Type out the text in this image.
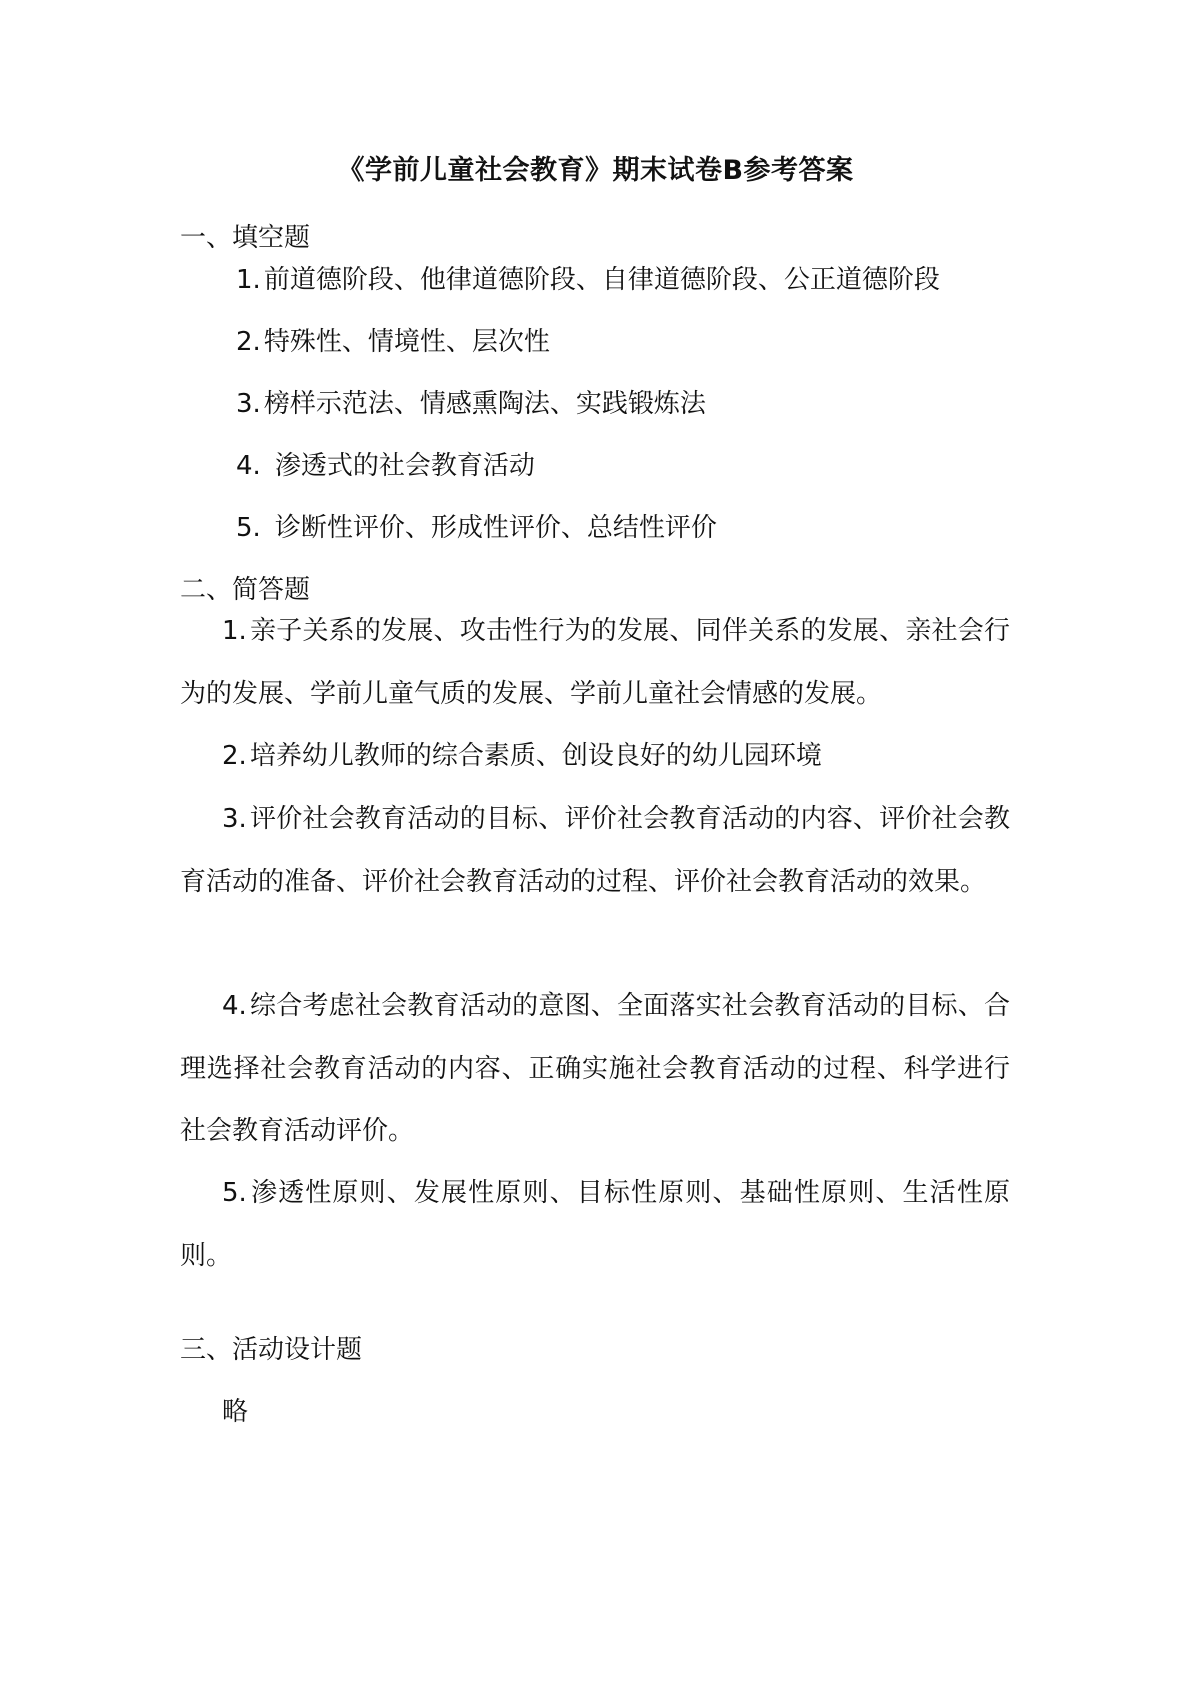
《学前儿童社会教育》期末试卷B参考答案
一、填空题
1. 前道德阶段、他律道德阶段、自律道德阶段、公正道德阶段
2. 特殊性、情境性、层次性
3. 榜样示范法、情感熏陶法、实践锻炼法
4. 渗透式的社会教育活动
5. 诊断性评价、形成性评价、总结性评价
二、简答题
1. 亲子关系的发展、攻击性行为的发展、同伴关系的发展、亲社会行为的发展、学前儿童气质的发展、学前儿童社会情感的发展。
2. 培养幼儿教师的综合素质、创设良好的幼儿园环境
3. 评价社会教育活动的目标、评价社会教育活动的内容、评价社会教育活动的准备、评价社会教育活动的过程、评价社会教育活动的效果。
4. 综合考虑社会教育活动的意图、全面落实社会教育活动的目标、合理选择社会教育活动的内容、正确实施社会教育活动的过程、科学进行社会教育活动评价。
5. 渗透性原则、发展性原则、目标性原则、基础性原则、生活性原则。
三、活动设计题
略
